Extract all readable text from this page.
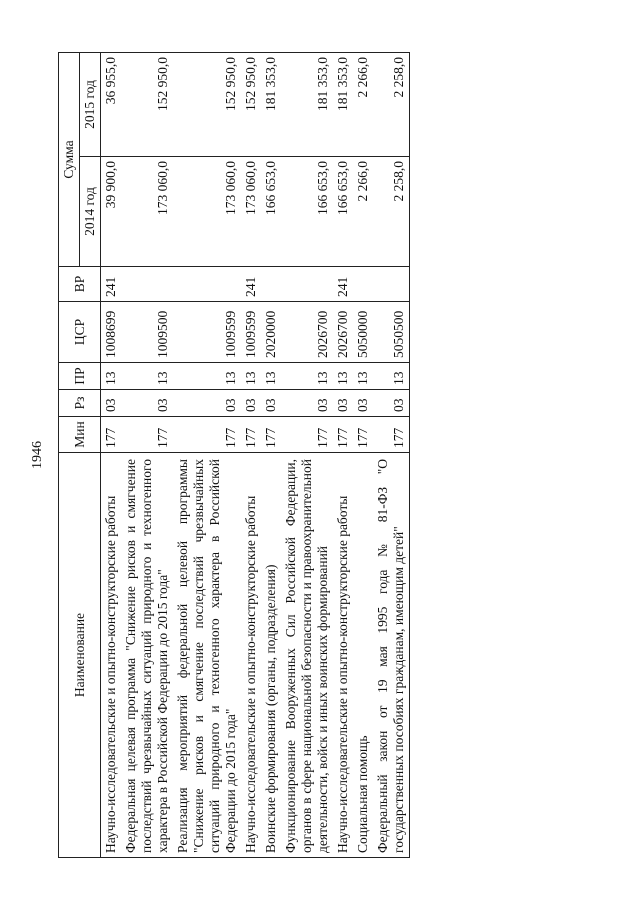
1946
Наименование	Мин	Рз	ПР	ЦСР	ВР	Сумма	
						2014 год	2015 год
Научно-исследовательские и опытно-конструкторские работы	177	03	13	1008699	241	39 900,0	36 955,0
Федеральная целевая программа "Снижение рисков и смягчение последствий чрезвычайных ситуаций природного и техногенного характера в Российской Федерации до 2015 года"	177	03	13	1009500		173 060,0	152 950,0
Реализация мероприятий федеральной целевой программы "Снижение рисков и смягчение последствий чрезвычайных ситуаций природного и техногенного характера в Российской Федерации до 2015 года"	177	03	13	1009599		173 060,0	152 950,0
Научно-исследовательские и опытно-конструкторские работы	177	03	13	1009599	241	173 060,0	152 950,0
Воинские формирования (органы, подразделения)	177	03	13	2020000		166 653,0	181 353,0
Функционирование Вооруженных Сил Российской Федерации, органов в сфере национальной безопасности и правоохранительной деятельности, войск и иных воинских формирований	177	03	13	2026700		166 653,0	181 353,0
Научно-исследовательские и опытно-конструкторские работы	177	03	13	2026700	241	166 653,0	181 353,0
Социальная помощь	177	03	13	5050000		2 266,0	2 266,0
Федеральный закон от 19 мая 1995 года № 81-ФЗ "О государственных пособиях гражданам, имеющим детей"	177	03	13	5050500		2 258,0	2 258,0
